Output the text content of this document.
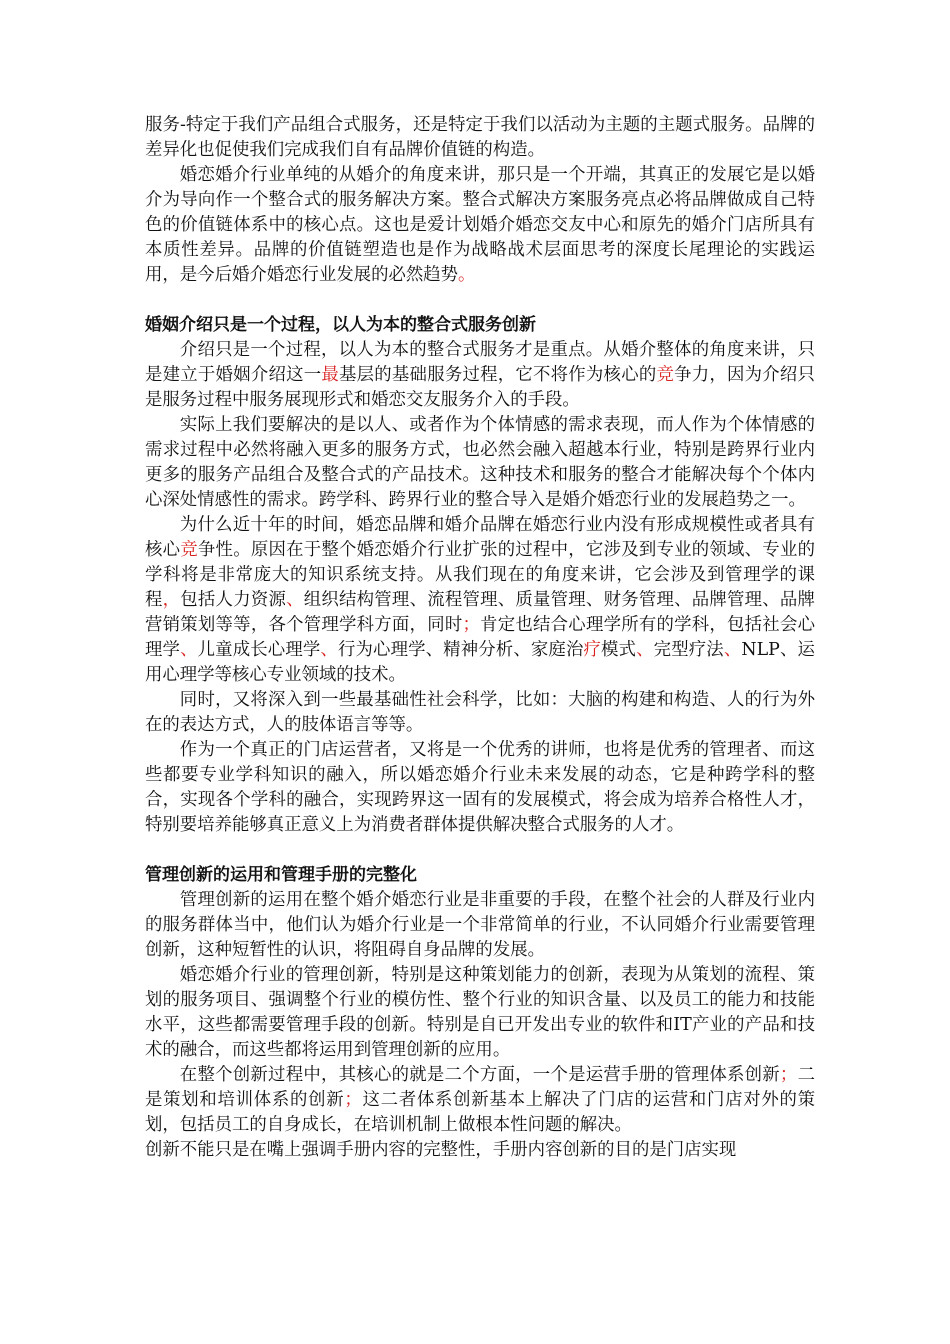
服务-特定于我们产品组合式服务，还是特定于我们以活动为主题的主题式服务。品牌的差异化也促使我们完成我们自有品牌价值链的构造。

婚恋婚介行业单纯的从婚介的角度来讲，那只是一个开端，其真正的发展它是以婚介为导向作一个整合式的服务解决方案。整合式解决方案服务亮点必将品牌做成自己特色的价值链体系中的核心点。这也是爱计划婚介婚恋交友中心和原先的婚介门店所具有本质性差异。品牌的价值链塑造也是作为战略战术层面思考的深度长尾理论的实践运用，是今后婚介婚恋行业发展的必然趋势。

婚姻介绍只是一个过程，以人为本的整合式服务创新

介绍只是一个过程，以人为本的整合式服务才是重点。从婚介整体的角度来讲，只是建立于婚姻介绍这一最基层的基础服务过程，它不将作为核心的竞争力，因为介绍只是服务过程中服务展现形式和婚恋交友服务介入的手段。

实际上我们要解决的是以人、或者作为个体情感的需求表现，而人作为个体情感的需求过程中必然将融入更多的服务方式，也必然会融入超越本行业，特别是跨界行业内更多的服务产品组合及整合式的产品技术。这种技术和服务的整合才能解决每个个体内心深处情感性的需求。跨学科、跨界行业的整合导入是婚介婚恋行业的发展趋势之一。

为什么近十年的时间，婚恋品牌和婚介品牌在婚恋行业内没有形成规模性或者具有核心竞争性。原因在于整个婚恋婚介行业扩张的过程中，它涉及到专业的领域、专业的学科将是非常庞大的知识系统支持。从我们现在的角度来讲，它会涉及到管理学的课程，包括人力资源、组织结构管理、流程管理、质量管理、财务管理、品牌管理、品牌营销策划等等，各个管理学科方面，同时；肯定也结合心理学所有的学科，包括社会心理学、儿童成长心理学、行为心理学、精神分析、家庭治疗模式、完型疗法、NLP、运用心理学等核心专业领域的技术。

同时，又将深入到一些最基础性社会科学，比如：大脑的构建和构造、人的行为外在的表达方式，人的肢体语言等等。

作为一个真正的门店运营者，又将是一个优秀的讲师，也将是优秀的管理者、而这些都要专业学科知识的融入，所以婚恋婚介行业未来发展的动态，它是种跨学科的整合，实现各个学科的融合，实现跨界这一固有的发展模式，将会成为培养合格性人才，特别要培养能够真正意义上为消费者群体提供解决整合式服务的人才。

管理创新的运用和管理手册的完整化

管理创新的运用在整个婚介婚恋行业是非重要的手段，在整个社会的人群及行业内的服务群体当中，他们认为婚介行业是一个非常简单的行业，不认同婚介行业需要管理创新，这种短暂性的认识，将阻碍自身品牌的发展。

婚恋婚介行业的管理创新，特别是这种策划能力的创新，表现为从策划的流程、策划的服务项目、强调整个行业的模仿性、整个行业的知识含量、以及员工的能力和技能水平，这些都需要管理手段的创新。特别是自已开发出专业的软件和IT产业的产品和技术的融合，而这些都将运用到管理创新的应用。

在整个创新过程中，其核心的就是二个方面，一个是运营手册的管理体系创新；二是策划和培训体系的创新；这二者体系创新基本上解决了门店的运营和门店对外的策划，包括员工的自身成长，在培训机制上做根本性问题的解决。

创新不能只是在嘴上强调手册内容的完整性，手册内容创新的目的是门店实现
